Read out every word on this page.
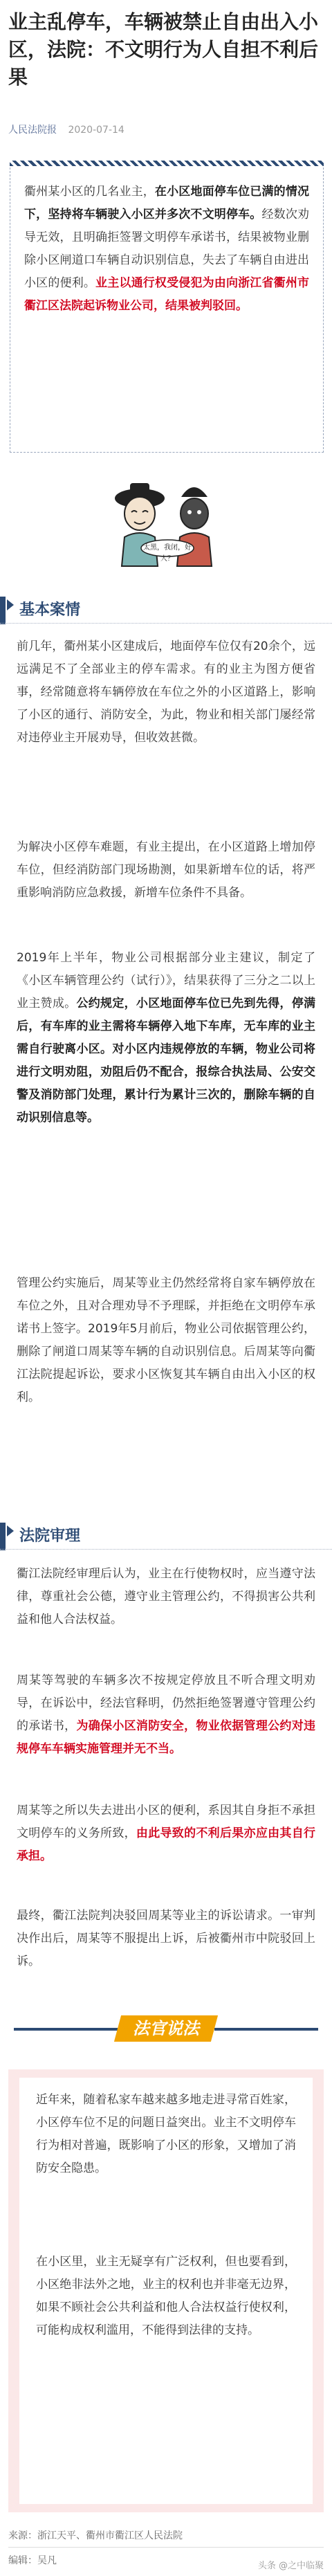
业主乱停车，车辆被禁止自由出入小区，法院：不文明行为人自担不利后果
人民法院报 2020-07-14
衢州某小区的几名业主，在小区地面停车位已满的情况下，坚持将车辆驶入小区并多次不文明停车。经数次劝导无效，且明确拒签署文明停车承诺书，结果被物业删除小区闸道口车辆自动识别信息，失去了车辆自由进出小区的便利。业主以通行权受侵犯为由向浙江省衢州市衢江区法院起诉物业公司，结果被判驳回。
太黑，我闭，好人？
基本案情

前几年，衢州某小区建成后，地面停车位仅有20余个，远远满足不了全部业主的停车需求。有的业主为图方便省事，经常随意将车辆停放在车位之外的小区道路上，影响了小区的通行、消防安全，为此，物业和相关部门屡经常对违停业主开展劝导，但收效甚微。

为解决小区停车难题，有业主提出，在小区道路上增加停车位，但经消防部门现场勘测，如果新增车位的话，将严重影响消防应急救援，新增车位条件不具备。

2019年上半年，物业公司根据部分业主建议，制定了《小区车辆管理公约（试行）》，结果获得了三分之二以上业主赞成。公约规定，小区地面停车位已先到先得，停满后，有车库的业主需将车辆停入地下车库，无车库的业主需自行驶离小区。对小区内违规停放的车辆，物业公司将进行文明劝阻，劝阻后仍不配合，报综合执法局、公安交警及消防部门处理，累计行为累计三次的，删除车辆的自动识别信息等。

管理公约实施后，周某等业主仍然经常将自家车辆停放在车位之外，且对合理劝导不予理睬，并拒绝在文明停车承诺书上签字。2019年5月前后，物业公司依据管理公约，删除了闸道口周某等车辆的自动识别信息。后周某等向衢江法院提起诉讼，要求小区恢复其车辆自由出入小区的权利。

法院审理

衢江法院经审理后认为，业主在行使物权时，应当遵守法律，尊重社会公德，遵守业主管理公约，不得损害公共利益和他人合法权益。

周某等驾驶的车辆多次不按规定停放且不听合理文明劝导，在诉讼中，经法官释明，仍然拒绝签署遵守管理公约的承诺书，为确保小区消防安全，物业依据管理公约对违规停车车辆实施管理并无不当。

周某等之所以失去进出小区的便利，系因其自身拒不承担文明停车的义务所致，由此导致的不利后果亦应由其自行承担。

最终，衢江法院判决驳回周某等业主的诉讼请求。一审判决作出后，周某等不服提出上诉，后被衢州市中院驳回上诉。

法官说法

近年来，随着私家车越来越多地走进寻常百姓家，小区停车位不足的问题日益突出。业主不文明停车行为相对普遍，既影响了小区的形象，又增加了消防安全隐患。

在小区里，业主无疑享有广泛权利，但也要看到，小区绝非法外之地，业主的权利也并非毫无边界，如果不顾社会公共利益和他人合法权益行使权利，可能构成权利滥用，不能得到法律的支持。

来源：浙江天平、衢州市衢江区人民法院
编辑：吴凡	头条 @之中临聚
